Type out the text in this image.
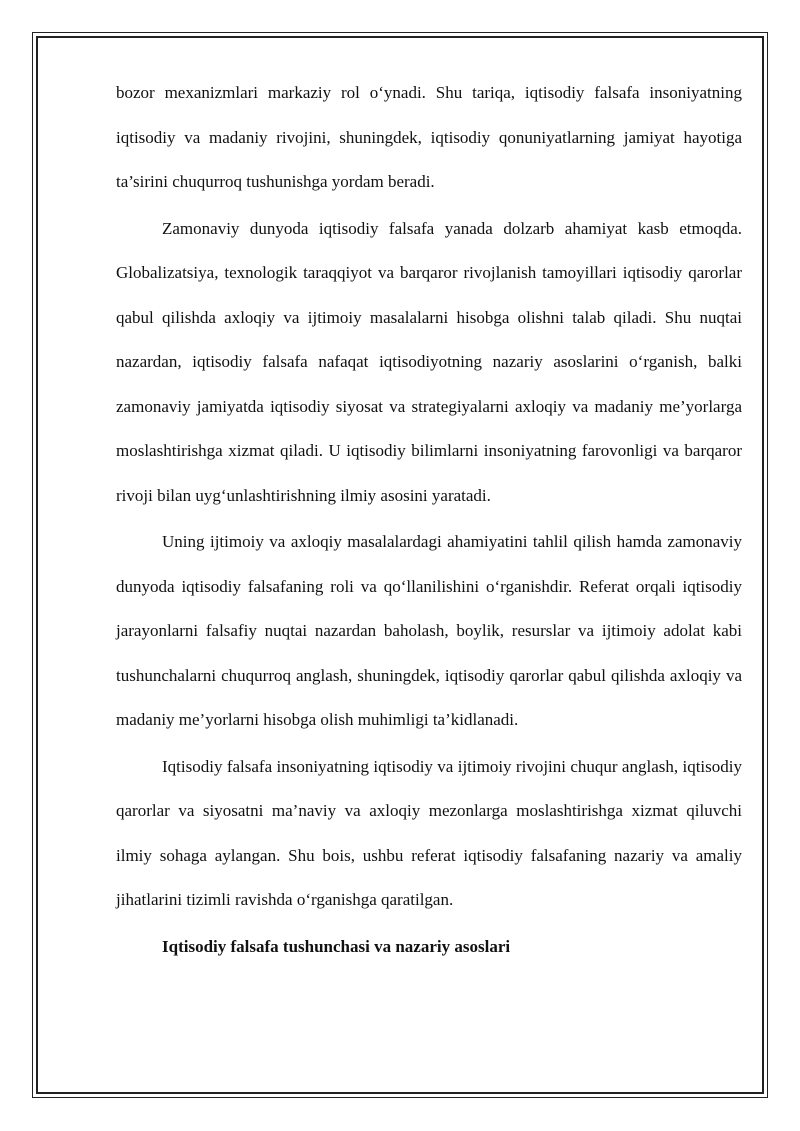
bozor mexanizmlari markaziy rol o‘ynadi. Shu tariqa, iqtisodiy falsafa insoniyatning iqtisodiy va madaniy rivojini, shuningdek, iqtisodiy qonuniyatlarning jamiyat hayotiga ta’sirini chuqurroq tushunishga yordam beradi.

Zamonaviy dunyoda iqtisodiy falsafa yanada dolzarb ahamiyat kasb etmoqda. Globalizatsiya, texnologik taraqqiyot va barqaror rivojlanish tamoyillari iqtisodiy qarorlar qabul qilishda axloqiy va ijtimoiy masalalarni hisobga olishni talab qiladi. Shu nuqtai nazardan, iqtisodiy falsafa nafaqat iqtisodiyotning nazariy asoslarini o‘rganish, balki zamonaviy jamiyatda iqtisodiy siyosat va strategiyalarni axloqiy va madaniy me’yorlarga moslashtirishga xizmat qiladi. U iqtisodiy bilimlarni insoniyatning farovonligi va barqaror rivoji bilan uyg‘unlashtirishning ilmiy asosini yaratadi.

Uning ijtimoiy va axloqiy masalalardagi ahamiyatini tahlil qilish hamda zamonaviy dunyoda iqtisodiy falsafaning roli va qo‘llanilishini o‘rganishdir. Referat orqali iqtisodiy jarayonlarni falsafiy nuqtai nazardan baholash, boylik, resurslar va ijtimoiy adolat kabi tushunchalarni chuqurroq anglash, shuningdek, iqtisodiy qarorlar qabul qilishda axloqiy va madaniy me’yorlarni hisobga olish muhimligi ta’kidlanadi.

Iqtisodiy falsafa insoniyatning iqtisodiy va ijtimoiy rivojini chuqur anglash, iqtisodiy qarorlar va siyosatni ma’naviy va axloqiy mezonlarga moslashtirishga xizmat qiluvchi ilmiy sohaga aylangan. Shu bois, ushbu referat iqtisodiy falsafaning nazariy va amaliy jihatlarini tizimli ravishda o‘rganishga qaratilgan.

Iqtisodiy falsafa tushunchasi va nazariy asoslari
